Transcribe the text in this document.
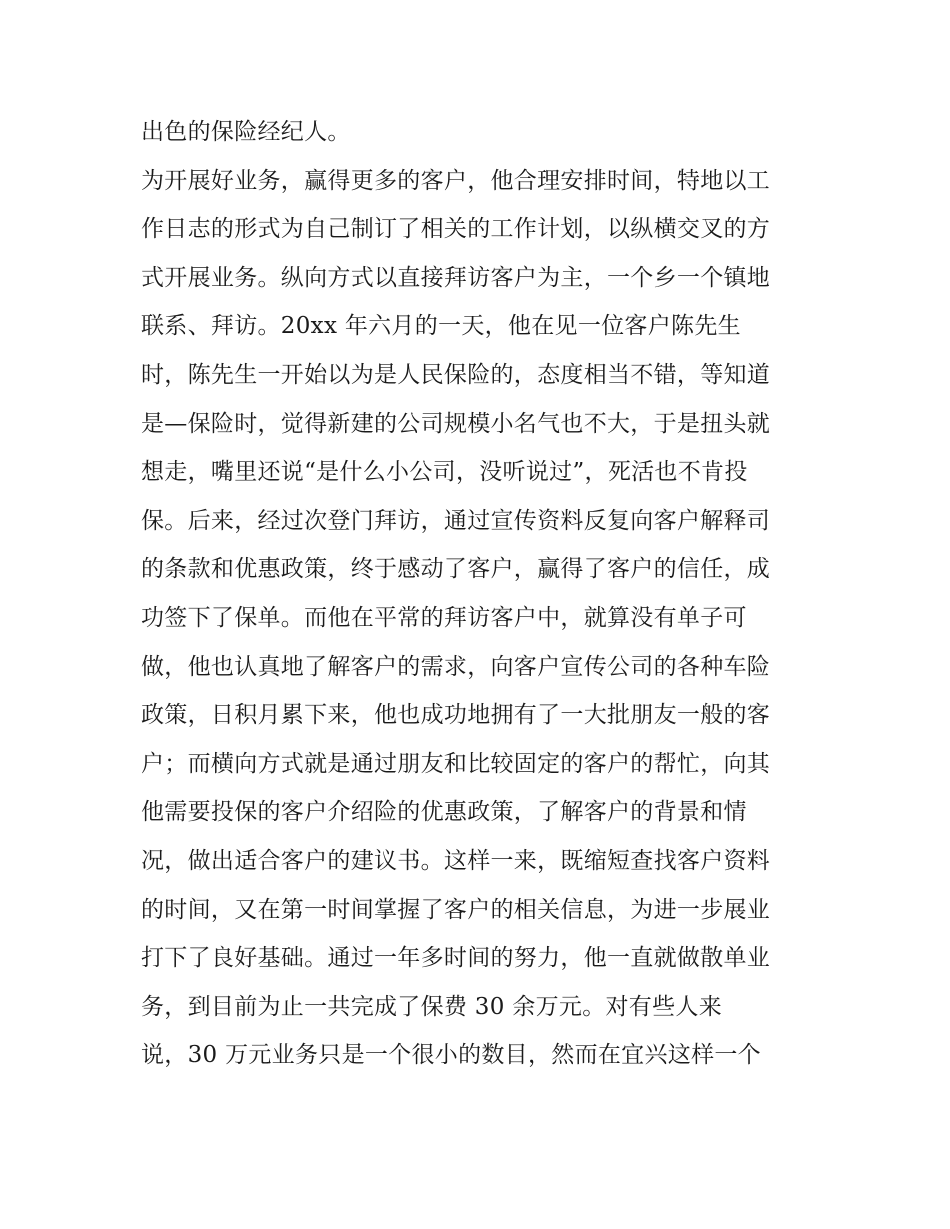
出色的保险经纪人。
为开展好业务，赢得更多的客户，他合理安排时间，特地以工
作日志的形式为自己制订了相关的工作计划，以纵横交叉的方
式开展业务。纵向方式以直接拜访客户为主，一个乡一个镇地
联系、拜访。20xx 年六月的一天，他在见一位客户陈先生
时，陈先生一开始以为是人民保险的，态度相当不错，等知道
是—保险时，觉得新建的公司规模小名气也不大，于是扭头就
想走，嘴里还说“是什么小公司，没听说过”，死活也不肯投
保。后来，经过次登门拜访，通过宣传资料反复向客户解释司
的条款和优惠政策，终于感动了客户，赢得了客户的信任，成
功签下了保单。而他在平常的拜访客户中，就算没有单子可
做，他也认真地了解客户的需求，向客户宣传公司的各种车险
政策，日积月累下来，他也成功地拥有了一大批朋友一般的客
户；而横向方式就是通过朋友和比较固定的客户的帮忙，向其
他需要投保的客户介绍险的优惠政策，了解客户的背景和情
况，做出适合客户的建议书。这样一来，既缩短查找客户资料
的时间，又在第一时间掌握了客户的相关信息，为进一步展业
打下了良好基础。通过一年多时间的努力，他一直就做散单业
务，到目前为止一共完成了保费 30 余万元。对有些人来
说，30 万元业务只是一个很小的数目，然而在宜兴这样一个
